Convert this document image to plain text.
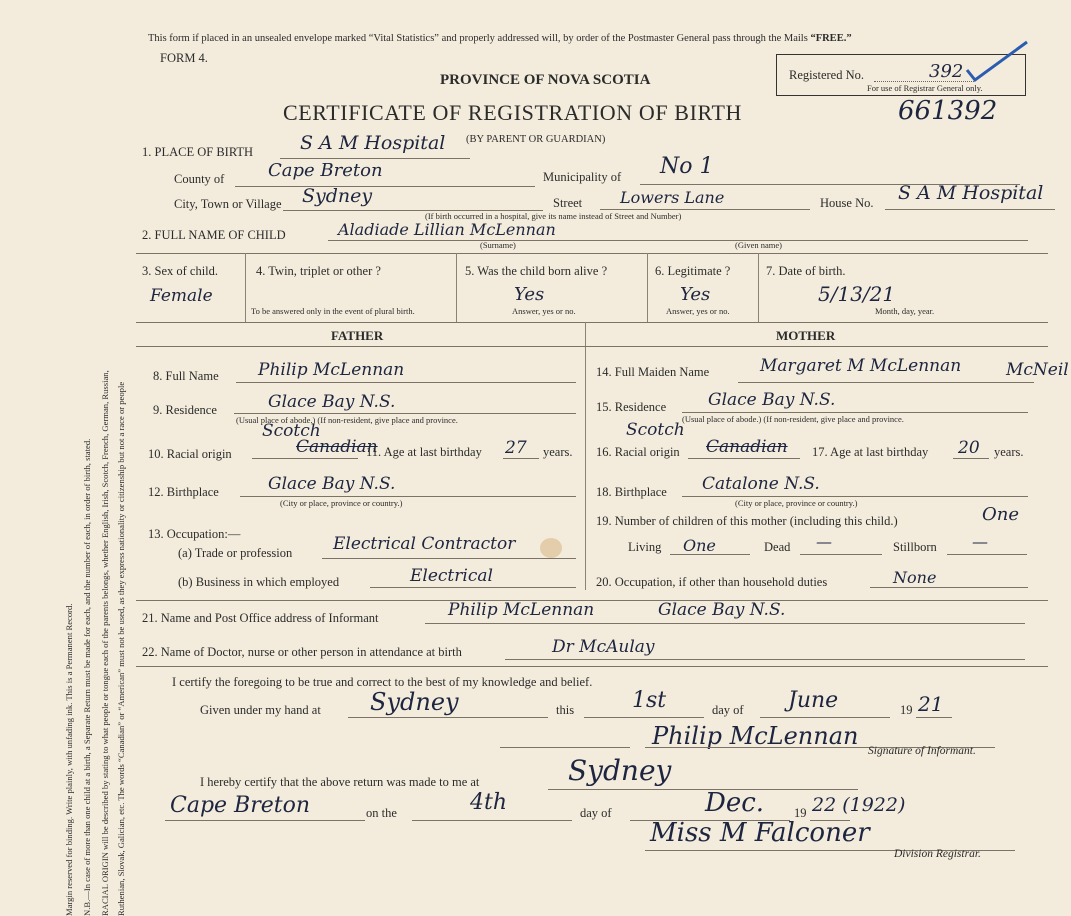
Margin reserved for binding. Write plainly, with unfading ink. This is a Permanent Record. N.B.—In case of more than one child at a birth, a Separate Return must be made for each, and the number of each, in order of birth, stated. RACIAL ORIGIN will be described by stating to what people or tongue each of the parents belongs, whether English, Irish, Scotch, French, German, Russian, Ruthenian, Slovak, Galician, etc. The words “Canadian” or “American” must not be used, as they express nationality or citizenship but not a race or people
This form if placed in an unsealed envelope marked “Vital Statistics” and properly addressed will, by order of the Postmaster General pass through the Mails “FREE.”
FORM 4.
PROVINCE OF NOVA SCOTIA
CERTIFICATE OF REGISTRATION OF BIRTH	661392
Registered No.	392
For use of Registrar General only.
1. PLACE OF BIRTH S A M Hospital (BY PARENT OR GUARDIAN)
County of Cape Breton	Municipality of No 1
City, Town or Village Sydney	Street Lowers Lane	House No. S A M Hospital
(If birth occurred in a hospital, give its name instead of Street and Number)
2. FULL NAME OF CHILD	Aladiade Lillian McLennan
(Surname)	(Given name)
3. Sex of child.
Female
4. Twin, triplet or other ?
To be answered only in the event of plural birth.
5. Was the child born alive ?
Yes
Answer, yes or no.
6. Legitimate ?
Yes
Answer, yes or no.
7. Date of birth.
5/13/21
Month, day, year.
FATHER	MOTHER
8. Full Name Philip McLennan
9. Residence	Glace Bay N.S.
(Usual place of abode.) (If non-resident, give place and province.
10. Racial origin	Canadian
Scotch
11. Age at last birthday 27 years.
12. Birthplace	Glace Bay N.S.
(City or place, province or country.)
13. Occupation:—
(a) Trade or profession Electrical Contractor
(b) Business in which employed	Electrical
14. Full Maiden Name	Margaret M McLennan	McNeil
15. Residence Glace Bay N.S.
(Usual place of abode.) (If non-resident, give place and province.
16. Racial origin Canadian
Scotch
17. Age at last birthday 20 years.
18. Birthplace Catalone N.S.
(City or place, province or country.)
19. Number of children of this mother (including this child.)	One
Living One	Dead —	Stillborn —
20. Occupation, if other than household duties	None
21. Name and Post Office address of Informant	Philip McLennan	Glace Bay N.S.
22. Name of Doctor, nurse or other person in attendance at birth	Dr McAulay
I certify the foregoing to be true and correct to the best of my knowledge and belief.
Given under my hand at Sydney	this	1st	day of June	19 21
Philip McLennan
Signature of Informant.
I hereby certify that the above return was made to me at	Sydney
Cape Breton	on the	4th	day of	Dec. 19 22 (1922)
Miss M Falconer
Division Registrar.
